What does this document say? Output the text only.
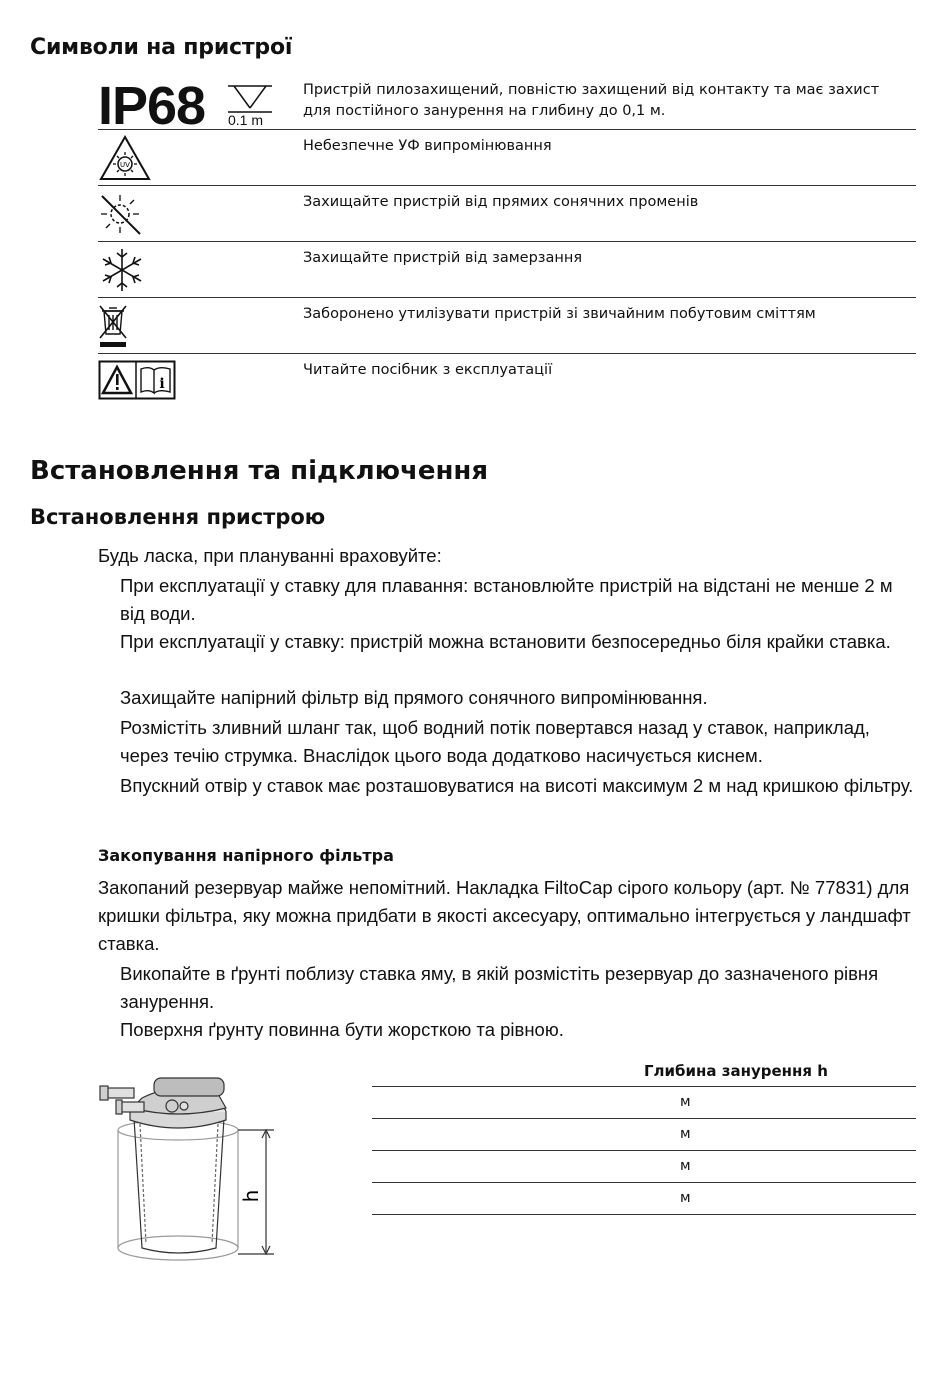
Символи на пристрої
IP68 0.1 m
Пристрій пилозахищений, повністю захищений від контакту та має захист для постійного занурення на глибину до 0,1 м.
UV
Небезпечне УФ випромінювання
Захищайте пристрій від прямих сонячних променів
Захищайте пристрій від замерзання
Заборонено утилізувати пристрій зі звичайним побутовим сміттям
i
Читайте посібник з експлуатації
Встановлення та підключення
Встановлення пристрою

Будь ласка, при плануванні враховуйте:

При експлуатації у ставку для плавання: встановлюйте пристрій на відстані не менше 2 м від води.

При експлуатації у ставку: пристрій можна встановити безпосередньо біля крайки ставка.

Захищайте напірний фільтр від прямого сонячного випромінювання.

Розмістіть зливний шланг так, щоб водний потік повертався назад у ставок, наприклад, через течію струмка. Внаслідок цього вода додатково насичується киснем.

Впускний отвір у ставок має розташовуватися на висоті максимум 2 м над кришкою фільтру.

Закопування напірного фільтра

Закопаний резервуар майже непомітний. Накладка FiltoCap сірого кольору (арт. № 77831) для кришки фільтра, яку можна придбати в якості аксесуару, оптимально інтегрується у ландшафт ставка.

Викопайте в ґрунті поблизу ставка яму, в якій розмістіть резервуар до зазначеного рівня занурення.

Поверхня ґрунту повинна бути жорсткою та рівною.

h
Глибина занурення h
м
м
м
м
